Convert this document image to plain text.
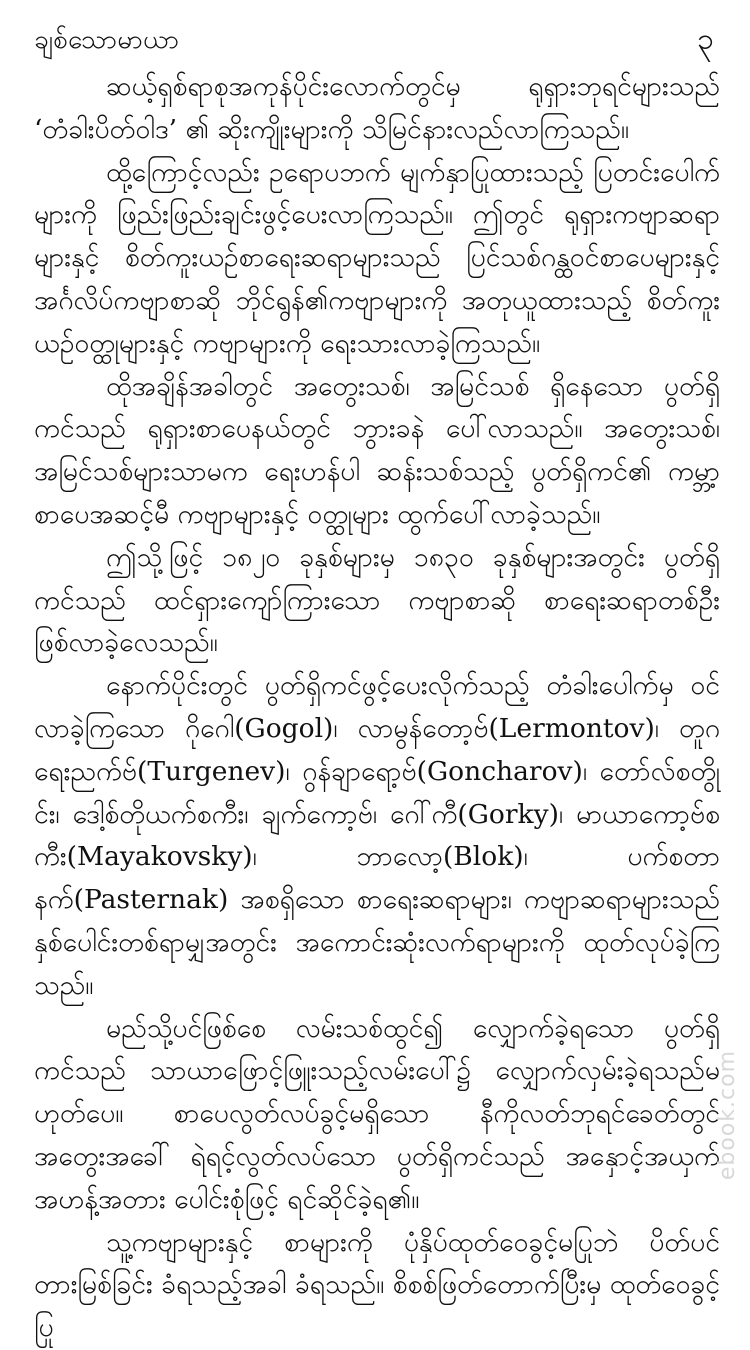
ချစ်သောမာယာ	၃

ဆယ့်ရှစ်ရာစုအကုန်ပိုင်းလောက်တွင်မှ ရုရှားဘုရင်များသည် ‘တံခါးပိတ်ဝါဒ’ ၏ ဆိုးကျိုးများကို သိမြင်နားလည်လာကြသည်။

ထို့ကြောင့်လည်း ဥရောပဘက် မျက်နှာပြုထားသည့် ပြတင်းပေါက်များကို ဖြည်းဖြည်းချင်းဖွင့်ပေးလာကြသည်။ ဤတွင် ရုရှားကဗျာဆရာများနှင့် စိတ်ကူးယဉ်စာရေးဆရာများသည် ပြင်သစ်ဂန္ထဝင်စာပေများနှင့် အင်္ဂလိပ်ကဗျာစာဆို ဘိုင်ရွန်၏ကဗျာများကို အတုယူထားသည့် စိတ်ကူးယဉ်ဝတ္ထုများနှင့် ကဗျာများကို ရေးသားလာခဲ့ကြသည်။

ထိုအချိန်အခါတွင် အတွေးသစ်၊ အမြင်သစ် ရှိနေသော ပွတ်ရှိကင်သည် ရုရှားစာပေနယ်တွင် ဘွားခနဲ ပေါ်လာသည်။ အတွေးသစ်၊ အမြင်သစ်များသာမက ရေးဟန်ပါ ဆန်းသစ်သည့် ပွတ်ရှိကင်၏ ကမ္ဘာ့စာပေအဆင့်မီ ကဗျာများနှင့် ဝတ္ထုများ ထွက်ပေါ်လာခဲ့သည်။

ဤသို့ဖြင့် ၁၈၂၀ ခုနှစ်များမှ ၁၈၃၀ ခုနှစ်များအတွင်း ပွတ်ရှိကင်သည် ထင်ရှားကျော်ကြားသော ကဗျာစာဆို စာရေးဆရာတစ်ဦးဖြစ်လာခဲ့လေသည်။

နောက်ပိုင်းတွင် ပွတ်ရှိကင်ဖွင့်ပေးလိုက်သည့် တံခါးပေါက်မှ ဝင်လာခဲ့ကြသော ဂိုဂေါ(Gogol)၊ လာမွန်တော့ဗ်(Lermontov)၊ တူဂရေးညက်ဗ်(Turgenev)၊ ဂွန်ချာရော့ဗ်(Goncharov)၊ တော်လ်စတွိုင်း၊ ဒေါ့စ်တိုယက်စကီး၊ ချက်ကော့ဗ်၊ ဂေါ်ကီ(Gorky)၊ မာယာကော့ဗ်စကီး(Mayakovsky)၊ ဘာလော့(Blok)၊ ပက်စတာနက်(Pasternak) အစရှိသော စာရေးဆရာများ၊ ကဗျာဆရာများသည် နှစ်ပေါင်းတစ်ရာမျှအတွင်း အကောင်းဆုံးလက်ရာများကို ထုတ်လုပ်ခဲ့ကြသည်။

မည်သို့ပင်ဖြစ်စေ လမ်းသစ်ထွင်၍ လျှောက်ခဲ့ရသော ပွတ်ရှိကင်သည် သာယာဖြောင့်ဖြူးသည့်လမ်းပေါ်၌ လျှောက်လှမ်းခဲ့ရသည်မဟုတ်ပေ။ စာပေလွတ်လပ်ခွင့်မရှိသော နီကိုလတ်ဘုရင်ခေတ်တွင် အတွေးအခေါ် ရဲရင့်လွတ်လပ်သော ပွတ်ရှိကင်သည် အနှောင့်အယှက် အဟန့်အတား ပေါင်းစုံဖြင့် ရင်ဆိုင်ခဲ့ရ၏။

သူ့ကဗျာများနှင့် စာများကို ပုံနှိပ်ထုတ်ဝေခွင့်မပြုဘဲ ပိတ်ပင်တားမြစ်ခြင်း ခံရသည့်အခါ ခံရသည်။ စိစစ်ဖြတ်တောက်ပြီးမှ ထုတ်ဝေခွင့်ပြု

ebook.com
